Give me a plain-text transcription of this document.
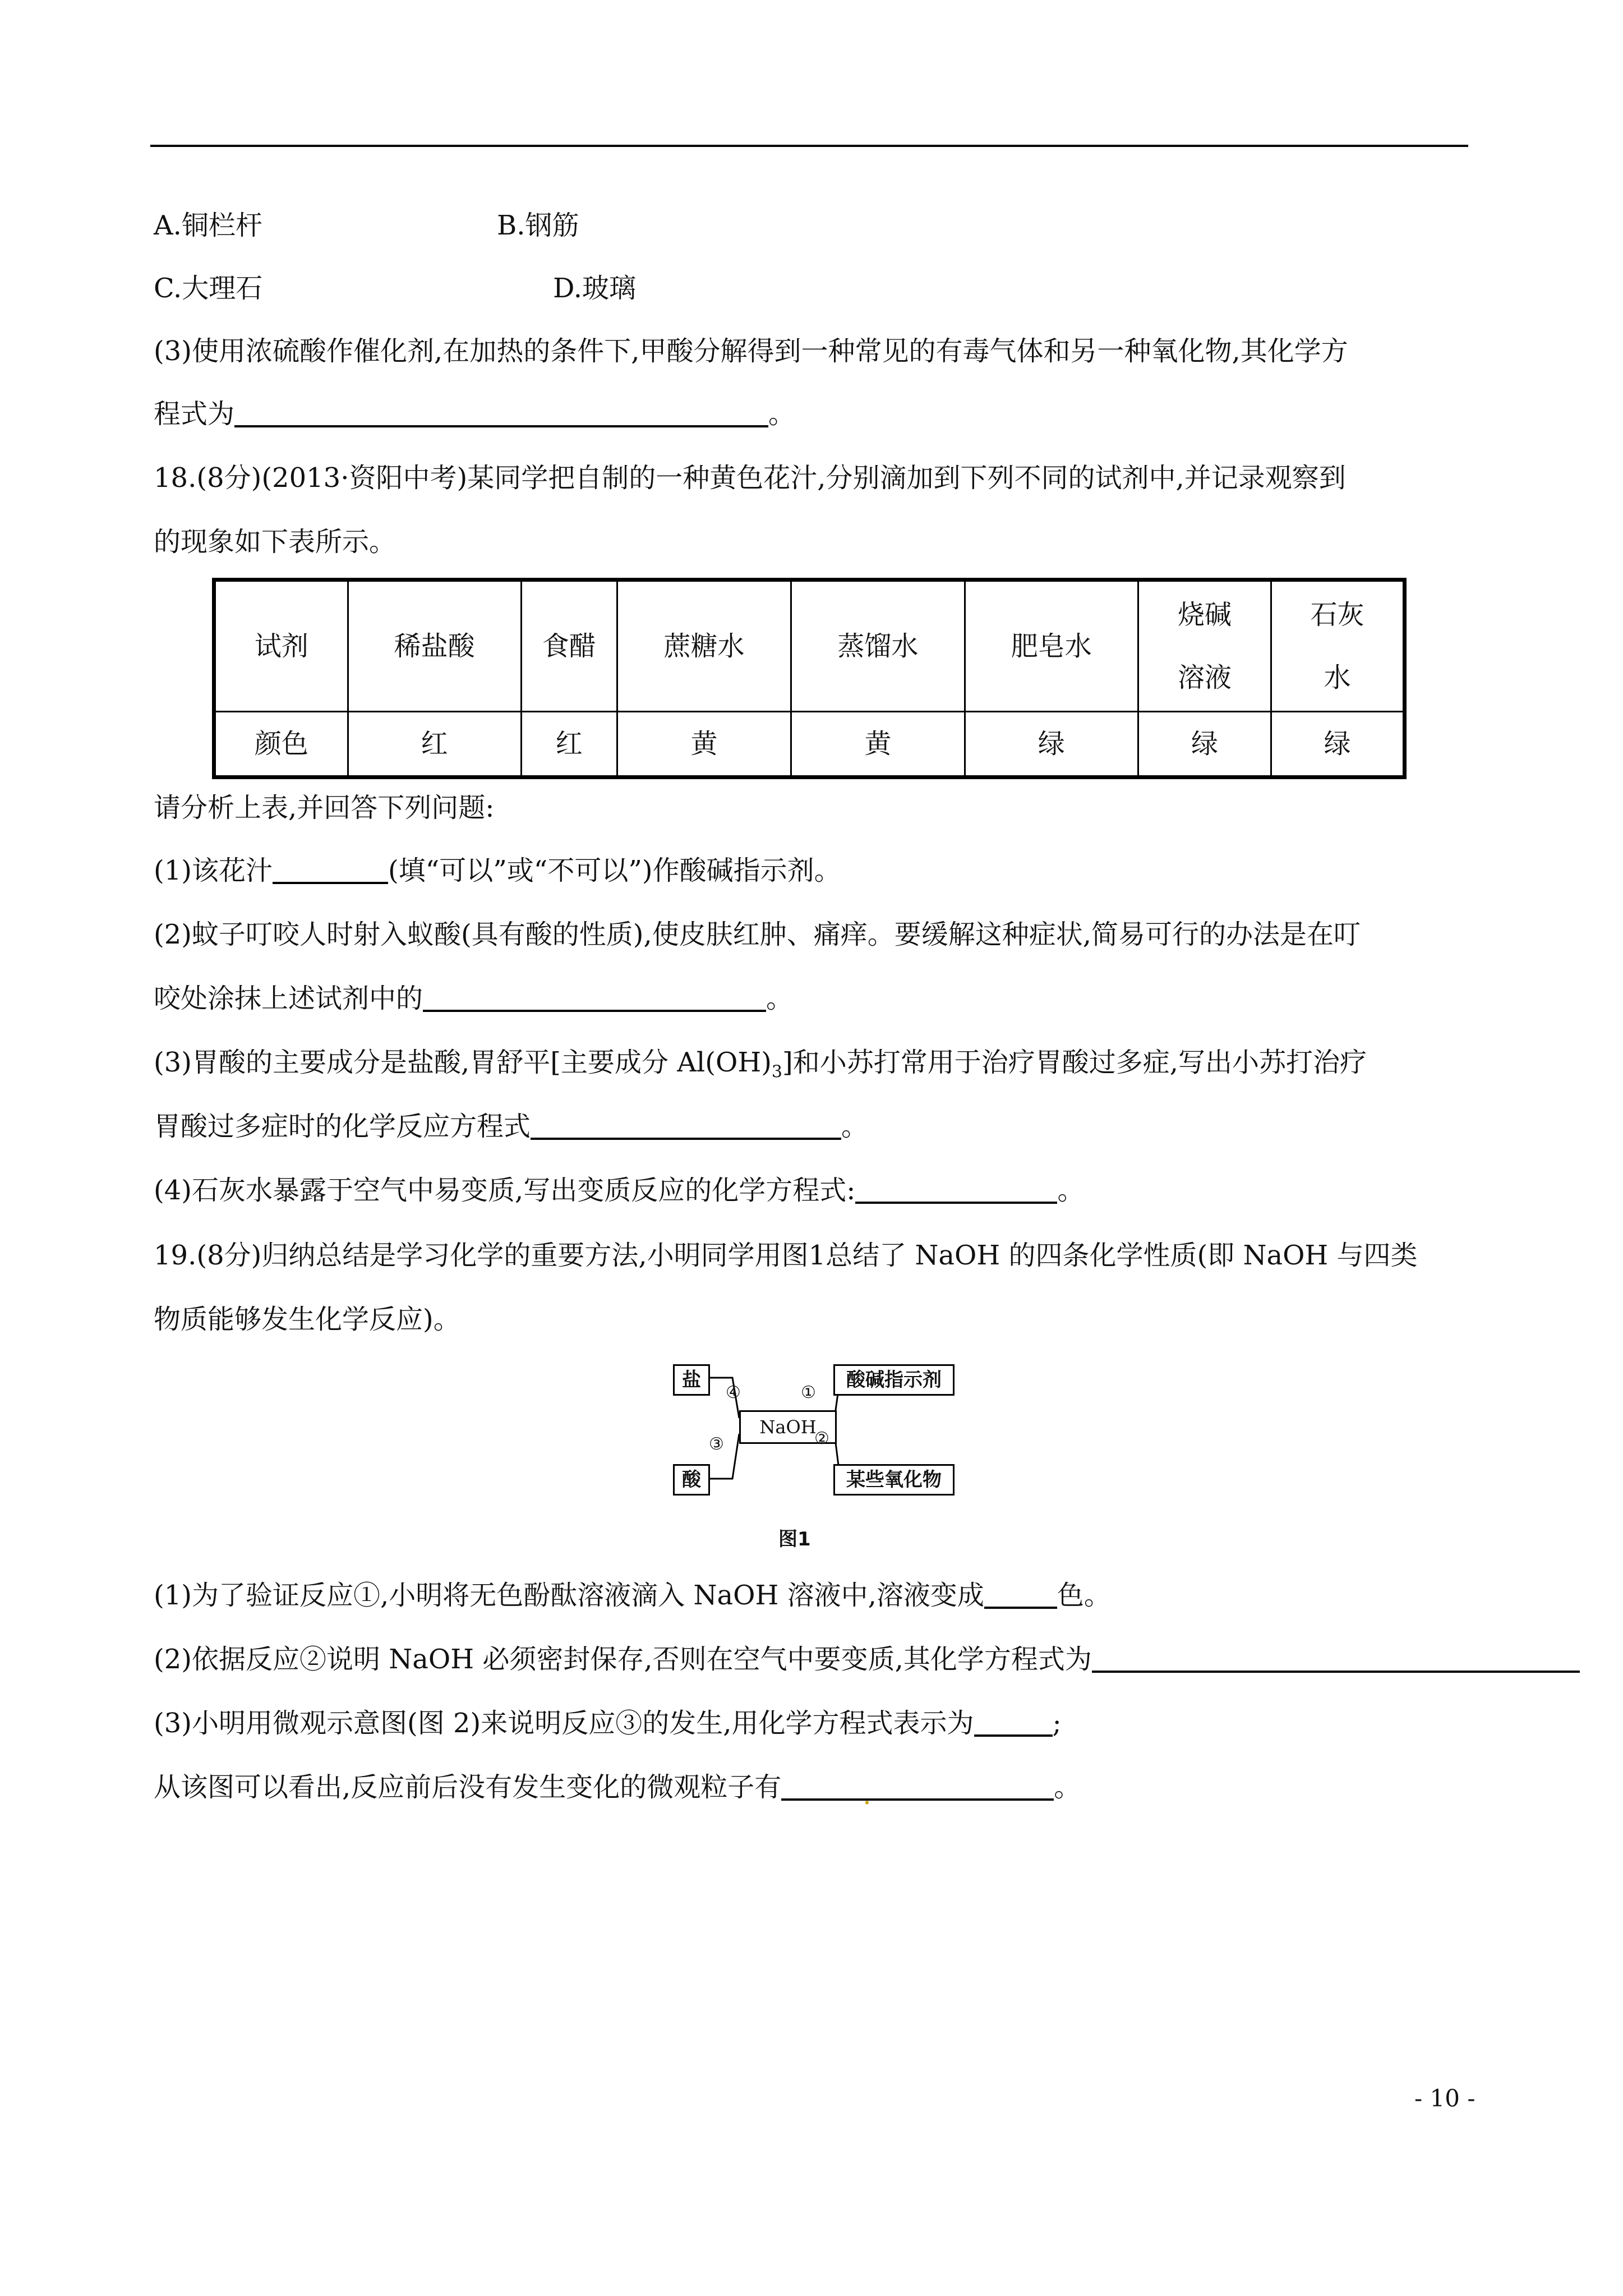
A.铜栏杆	B.钢筋
C.大理石	D.玻璃
(3)使用浓硫酸作催化剂,在加热的条件下,甲酸分解得到一种常见的有毒气体和另一种氧化物,其化学方
程式为	。
18.(8分)(2013·资阳中考)某同学把自制的一种黄色花汁,分别滴加到下列不同的试剂中,并记录观察到
的现象如下表所示。
试剂	稀盐酸	食醋	蔗糖水	蒸馏水	肥皂水	烧碱
溶液	石灰
水
颜色	红	红	黄	黄	绿	绿	绿
请分析上表,并回答下列问题:
(1)该花汁	(填“可以”或“不可以”)作酸碱指示剂。
(2)蚊子叮咬人时射入蚁酸(具有酸的性质),使皮肤红肿、痛痒。要缓解这种症状,简易可行的办法是在叮
咬处涂抹上述试剂中的	。
(3)胃酸的主要成分是盐酸,胃舒平[主要成分 $Al(OH)_3$]和小苏打常用于治疗胃酸过多症,写出小苏打治疗
胃酸过多症时的化学反应方程式	。
(4)石灰水暴露于空气中易变质,写出变质反应的化学方程式:	。
19.(8分)归纳总结是学习化学的重要方法,小明同学用图1总结了 NaOH 的四条化学性质(即 NaOH 与四类
物质能够发生化学反应)。
盐	酸碱指示剂
NaOH
酸	某些氧化物
④	①
③	②
图1
(1)为了验证反应①,小明将无色酚酞溶液滴入 NaOH 溶液中,溶液变成	色。
(2)依据反应②说明 NaOH 必须密封保存,否则在空气中要变质,其化学方程式为
(3)小明用微观示意图(图 2)来说明反应③的发生,用化学方程式表示为	;
从该图可以看出,反应前后没有发生变化的微观粒子有	.	。
- 10 -
